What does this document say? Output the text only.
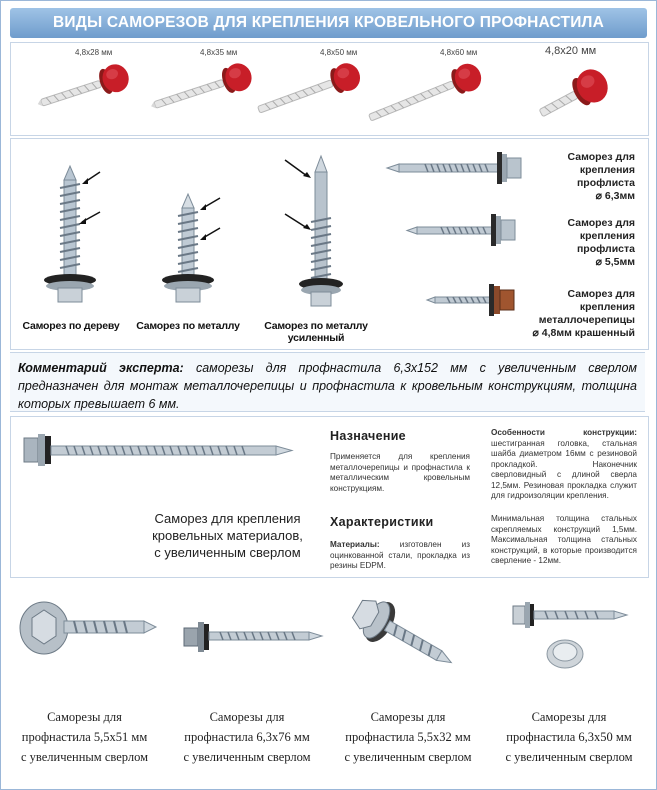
ВИДЫ САМОРЕЗОВ ДЛЯ КРЕПЛЕНИЯ КРОВЕЛЬНОГО ПРОФНАСТИЛА
4,8x28 мм	4,8x35 мм	4,8x50 мм	4,8x60 мм	4,8x20 мм
Саморез по дереву	Саморез по металлу	Саморез по металлу
усиленный
Саморез для
крепления
профлиста
⌀ 6,3мм
Саморез для
крепления
профлиста
⌀ 5,5мм
Саморез для
крепления
металлочерепицы
⌀ 4,8мм крашенный
Комментарий эксперта: саморезы для профнастила 6,3x152 мм с увеличенным сверлом предназначен для монтаж металлочерепицы и профнастила к кровельным конструкциям, толщина которых превышает 6 мм.
Саморез для крепления
кровельных материалов,
с увеличенным сверлом
Назначение
Применяется для крепления металлочерепицы и профнастила к металлическим кровельным конструкциям.
Характеристики
Материалы: изготовлен из оцинкованной стали, прокладка из резины EDPM.
Особенности конструкции: шестигранная головка, стальная шайба диаметром 16мм с резиновой прокладкой. Наконечник сверловидный с длиной сверла 12,5мм. Резиновая прокладка служит для гидроизоляции крепления.
Минимальная толщина стальных скрепляемых конструкций 1,5мм. Максимальная толщина стальных конструкций, в которые производится сверление - 12мм.
Саморезы для
профнастила 5,5x51 мм
с увеличенным сверлом
Саморезы для
профнастила 6,3x76 мм
с увеличенным сверлом
Саморезы для
профнастила 5,5x32 мм
с увеличенным сверлом
Саморезы для
профнастила 6,3x50 мм
с увеличенным сверлом
